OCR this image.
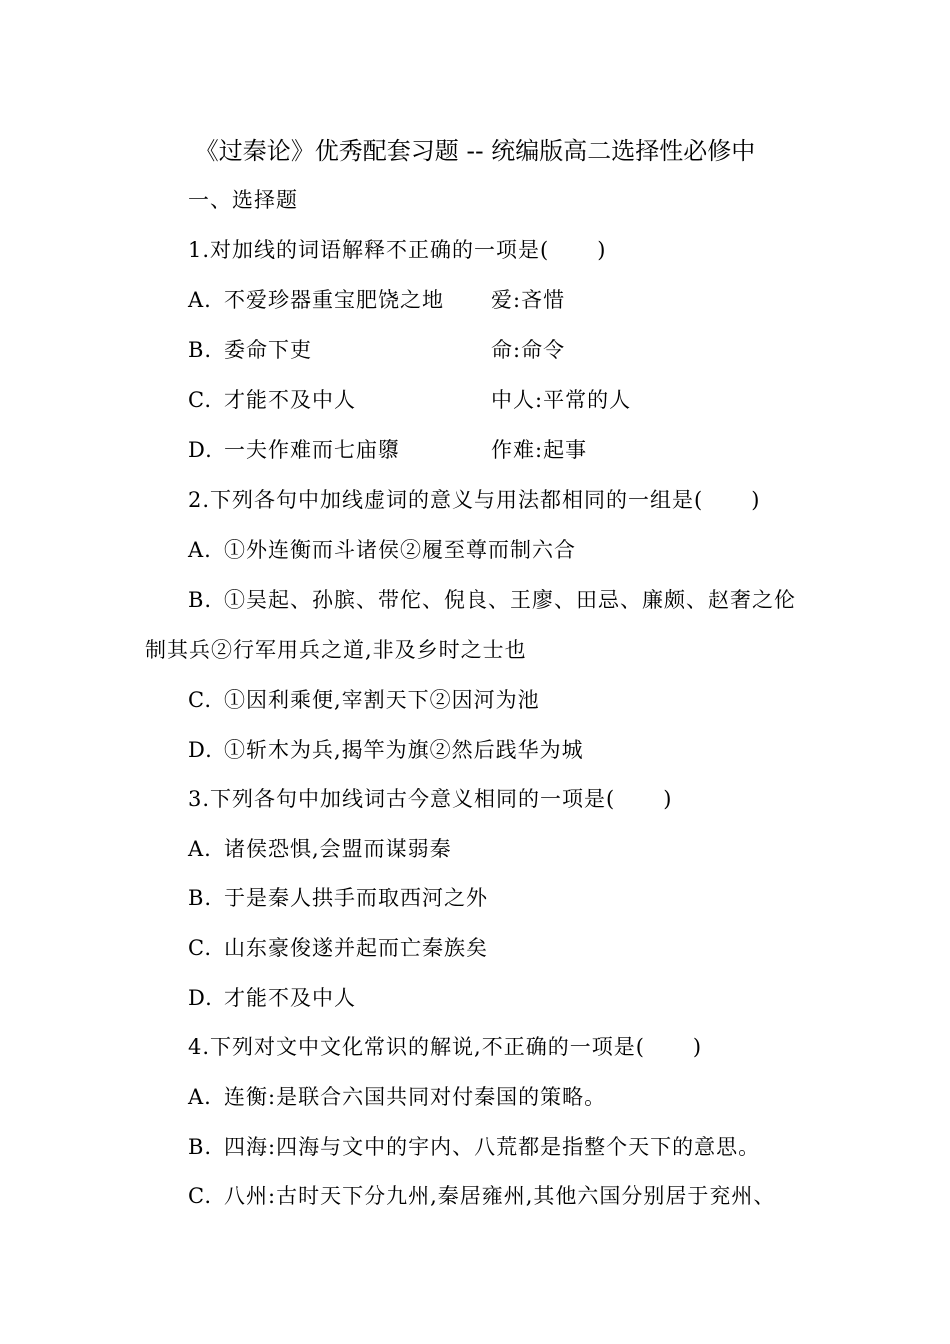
《过秦论》优秀配套习题 -- 统编版高二选择性必修中
一、选择题
1.对加线的词语解释不正确的一项是( )
A. 不爱珍器重宝肥饶之地 爱:吝惜
B. 委命下吏	命:命令
C. 才能不及中人	中人:平常的人
D. 一夫作难而七庙隳	作难:起事
2.下列各句中加线虚词的意义与用法都相同的一组是( )
A. ①外连衡而斗诸侯②履至尊而制六合
B. ①吴起、孙膑、带佗、倪良、王廖、田忌、廉颇、赵奢之伦
制其兵②行军用兵之道,非及乡时之士也
C. ①因利乘便,宰割天下②因河为池
D. ①斩木为兵,揭竿为旗②然后践华为城
3.下列各句中加线词古今意义相同的一项是( )
A. 诸侯恐惧,会盟而谋弱秦
B. 于是秦人拱手而取西河之外
C. 山东豪俊遂并起而亡秦族矣
D. 才能不及中人
4.下列对文中文化常识的解说,不正确的一项是( )
A. 连衡:是联合六国共同对付秦国的策略。
B. 四海:四海与文中的宇内、八荒都是指整个天下的意思。
C. 八州:古时天下分九州,秦居雍州,其他六国分别居于兖州、
